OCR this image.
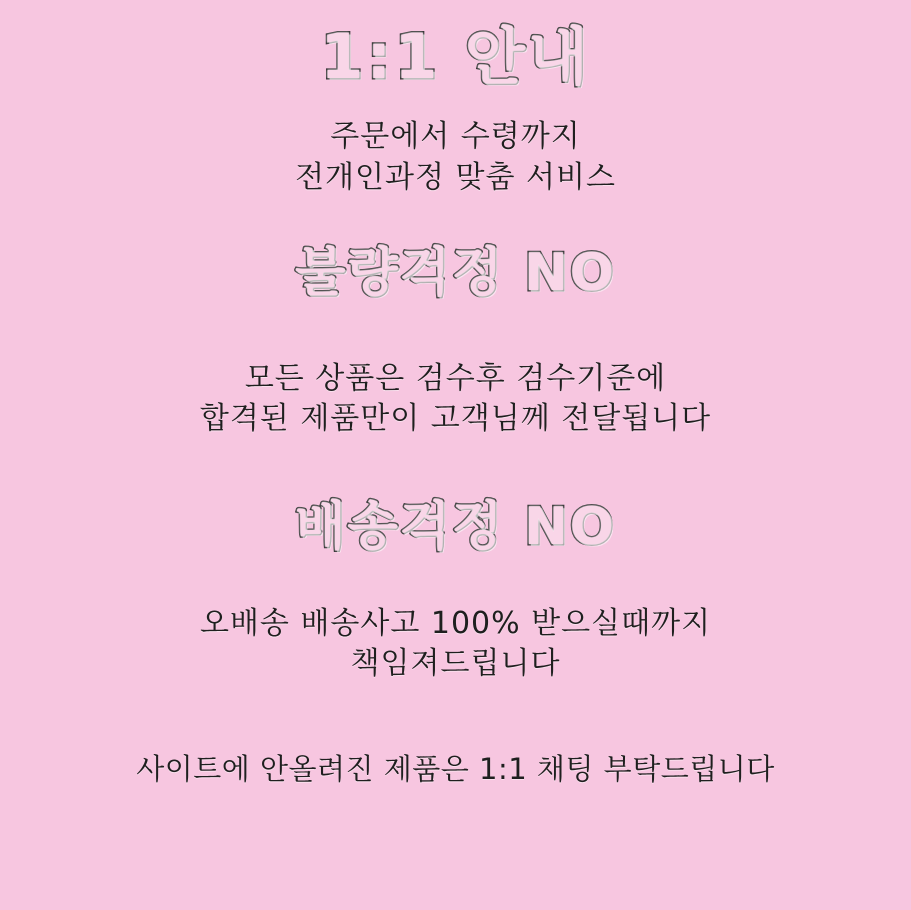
1:1 안내
주문에서 수령까지
전개인과정 맞춤 서비스
불량걱정 NO
모든 상품은 검수후 검수기준에
합격된 제품만이 고객님께 전달됩니다
배송걱정 NO
오배송 배송사고 100% 받으실때까지
책임져드립니다
사이트에 안올려진 제품은 1:1 채팅 부탁드립니다
